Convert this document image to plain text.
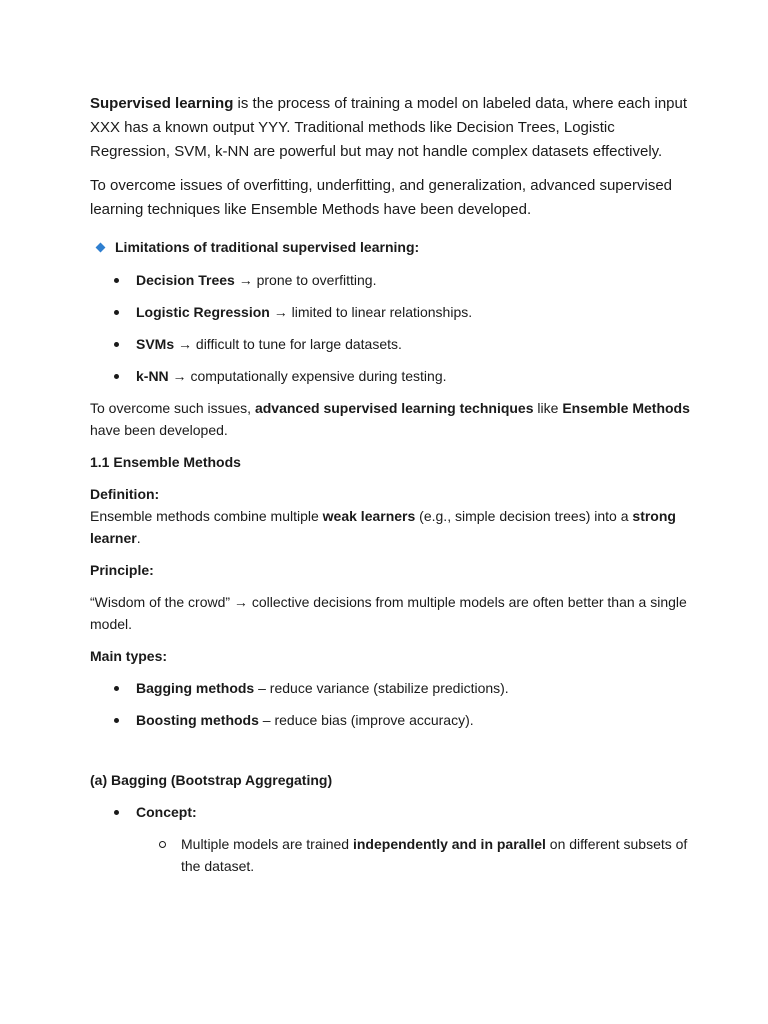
Supervised learning is the process of training a model on labeled data, where each input XXX has a known output YYY. Traditional methods like Decision Trees, Logistic Regression, SVM, k-NN are powerful but may not handle complex datasets effectively.

To overcome issues of overfitting, underfitting, and generalization, advanced supervised learning techniques like Ensemble Methods have been developed.

Limitations of traditional supervised learning:
Decision Trees → prone to overfitting.
Logistic Regression → limited to linear relationships.
SVMs → difficult to tune for large datasets.
k-NN → computationally expensive during testing.

To overcome such issues, advanced supervised learning techniques like Ensemble Methods have been developed.

1.1 Ensemble Methods

Definition:

Ensemble methods combine multiple weak learners (e.g., simple decision trees) into a strong learner.

Principle:

“Wisdom of the crowd” → collective decisions from multiple models are often better than a single model.

Main types:

Bagging methods – reduce variance (stabilize predictions).
Boosting methods – reduce bias (improve accuracy).

(a) Bagging (Bootstrap Aggregating)

Concept:
Multiple models are trained independently and in parallel on different subsets of the dataset.
